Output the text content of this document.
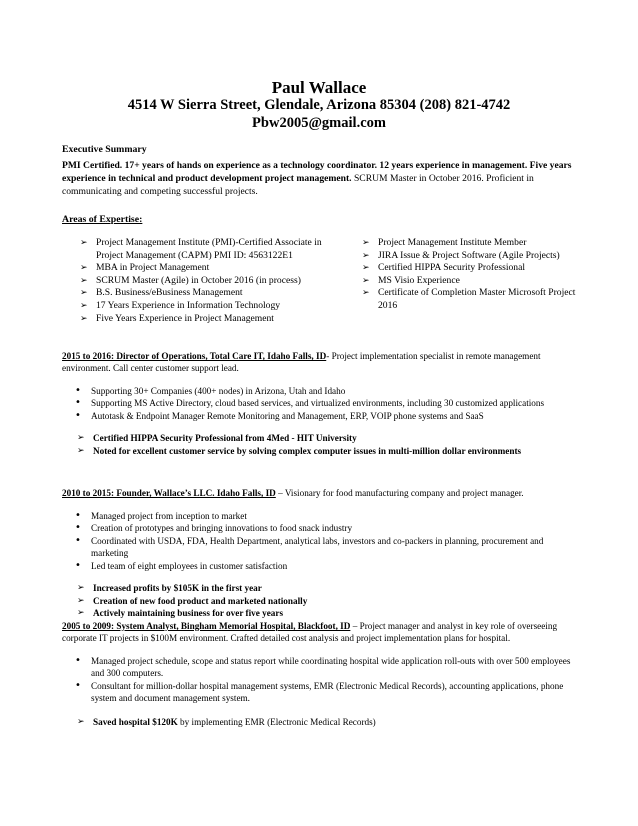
Paul Wallace
4514 W Sierra Street, Glendale, Arizona 85304 (208) 821-4742
Pbw2005@gmail.com
Executive Summary
PMI Certified. 17+ years of hands on experience as a technology coordinator. 12 years experience in management. Five years experience in technical and product development project management. SCRUM Master in October 2016. Proficient in communicating and competing successful projects.
Areas of Expertise:
➢ Project Management Institute (PMI)-Certified Associate in Project Management (CAPM) PMI ID: 4563122E1
➢ MBA in Project Management
➢ SCRUM Master (Agile) in October 2016 (in process)
➢ B.S. Business/eBusiness Management
➢ 17 Years Experience in Information Technology
➢ Five Years Experience in Project Management
➢ Project Management Institute Member
➢ JIRA Issue & Project Software (Agile Projects)
➢ Certified HIPPA Security Professional
➢ MS Visio Experience
➢ Certificate of Completion Master Microsoft Project 2016
2015 to 2016: Director of Operations, Total Care IT, Idaho Falls, ID- Project implementation specialist in remote management environment. Call center customer support lead.
• Supporting 30+ Companies (400+ nodes) in Arizona, Utah and Idaho
• Supporting MS Active Directory, cloud based services, and virtualized environments, including 30 customized applications
• Autotask & Endpoint Manager Remote Monitoring and Management, ERP, VOIP phone systems and SaaS
➢ Certified HIPPA Security Professional from 4Med - HIT University
➢ Noted for excellent customer service by solving complex computer issues in multi-million dollar environments
2010 to 2015: Founder, Wallace’s LLC. Idaho Falls, ID – Visionary for food manufacturing company and project manager.
• Managed project from inception to market
• Creation of prototypes and bringing innovations to food snack industry
• Coordinated with USDA, FDA, Health Department, analytical labs, investors and co-packers in planning, procurement and marketing
• Led team of eight employees in customer satisfaction
➢ Increased profits by $105K in the first year
➢ Creation of new food product and marketed nationally
➢ Actively maintaining business for over five years
2005 to 2009: System Analyst, Bingham Memorial Hospital, Blackfoot, ID – Project manager and analyst in key role of overseeing corporate IT projects in $100M environment. Crafted detailed cost analysis and project implementation plans for hospital.
• Managed project schedule, scope and status report while coordinating hospital wide application roll-outs with over 500 employees and 300 computers.
• Consultant for million-dollar hospital management systems, EMR (Electronic Medical Records), accounting applications, phone system and document management system.
➢ Saved hospital $120K by implementing EMR (Electronic Medical Records)
